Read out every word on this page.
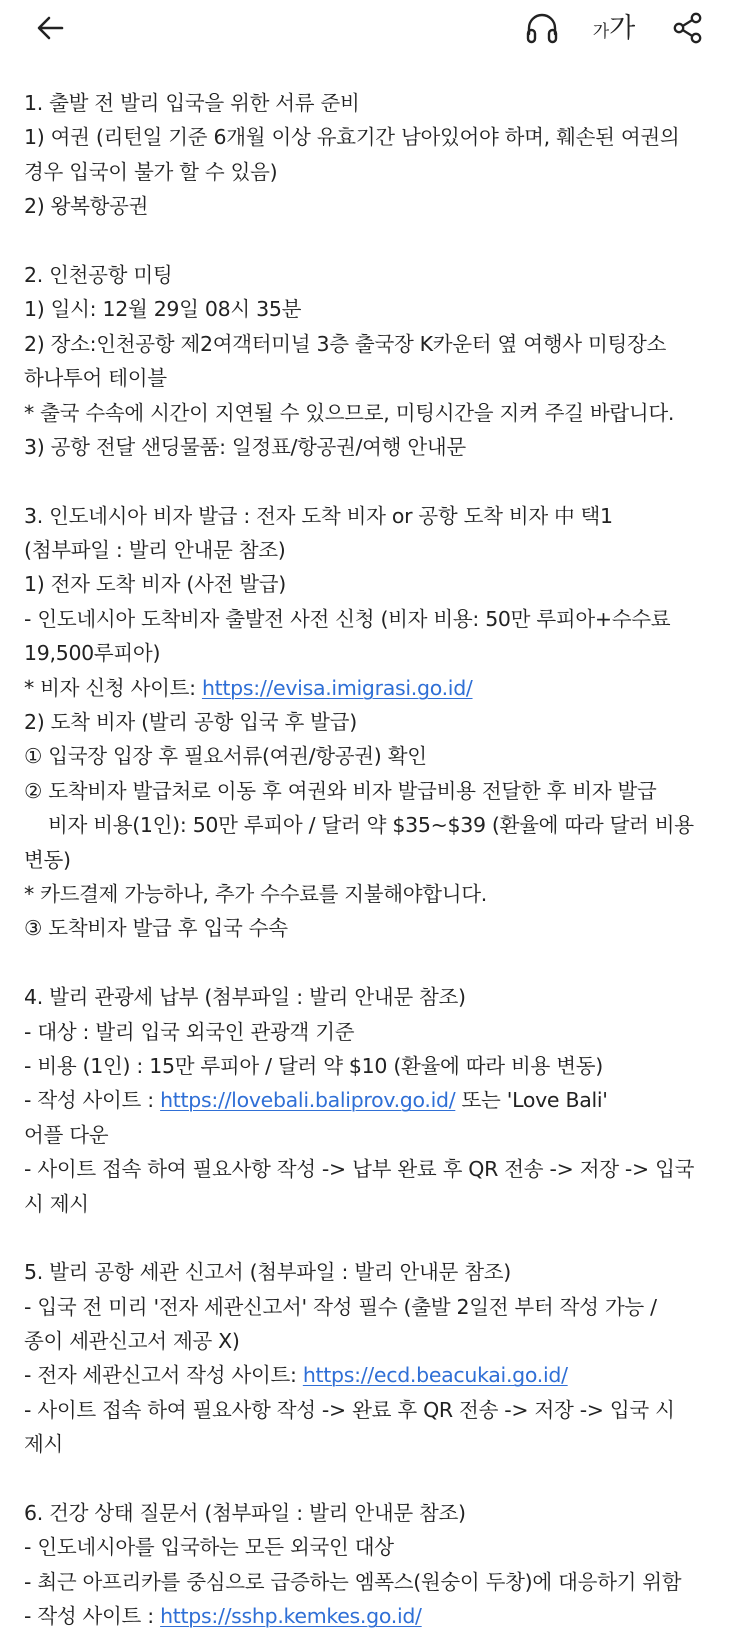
가 가
1. 출발 전 발리 입국을 위한 서류 준비
1) 여권 (리턴일 기준 6개월 이상 유효기간 남아있어야 하며, 훼손된 여권의
경우 입국이 불가 할 수 있음)
2) 왕복항공권
2. 인천공항 미팅
1) 일시: 12월 29일 08시 35분
2) 장소:인천공항 제2여객터미널 3층 출국장 K카운터 옆 여행사 미팅장소
하나투어 테이블
* 출국 수속에 시간이 지연될 수 있으므로, 미팅시간을 지켜 주길 바랍니다.
3) 공항 전달 샌딩물품: 일정표/항공권/여행 안내문
3. 인도네시아 비자 발급 : 전자 도착 비자 or 공항 도착 비자 中 택1
(첨부파일 : 발리 안내문 참조)
1) 전자 도착 비자 (사전 발급)
- 인도네시아 도착비자 출발전 사전 신청 (비자 비용: 50만 루피아+수수료
19,500루피아)
* 비자 신청 사이트: https://evisa.imigrasi.go.id/
2) 도착 비자 (발리 공항 입국 후 발급)
① 입국장 입장 후 필요서류(여권/항공권) 확인
② 도착비자 발급처로 이동 후 여권와 비자 발급비용 전달한 후 비자 발급
비자 비용(1인): 50만 루피아 / 달러 약 $35~$39 (환율에 따라 달러 비용
변동)
* 카드결제 가능하나, 추가 수수료를 지불해야합니다.
③ 도착비자 발급 후 입국 수속
4. 발리 관광세 납부 (첨부파일 : 발리 안내문 참조)
- 대상 : 발리 입국 외국인 관광객 기준
- 비용 (1인) : 15만 루피아 / 달러 약 $10 (환율에 따라 비용 변동)
- 작성 사이트 : https://lovebali.baliprov.go.id/ 또는 'Love Bali'
어플 다운
- 사이트 접속 하여 필요사항 작성 -> 납부 완료 후 QR 전송 -> 저장 -> 입국
시 제시
5. 발리 공항 세관 신고서 (첨부파일 : 발리 안내문 참조)
- 입국 전 미리 '전자 세관신고서' 작성 필수 (출발 2일전 부터 작성 가능 /
종이 세관신고서 제공 X)
- 전자 세관신고서 작성 사이트: https://ecd.beacukai.go.id/
- 사이트 접속 하여 필요사항 작성 -> 완료 후 QR 전송 -> 저장 -> 입국 시
제시
6. 건강 상태 질문서 (첨부파일 : 발리 안내문 참조)
- 인도네시아를 입국하는 모든 외국인 대상
- 최근 아프리카를 중심으로 급증하는 엠폭스(원숭이 두창)에 대응하기 위함
- 작성 사이트 : https://sshp.kemkes.go.id/
